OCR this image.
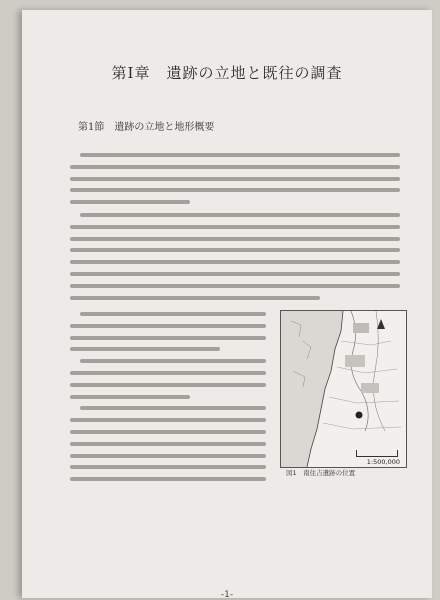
第Ⅰ章　遺跡の立地と既往の調査
第1節　遺跡の立地と地形概要
1:500,000
図1　南住吉遺跡の位置
-1-
